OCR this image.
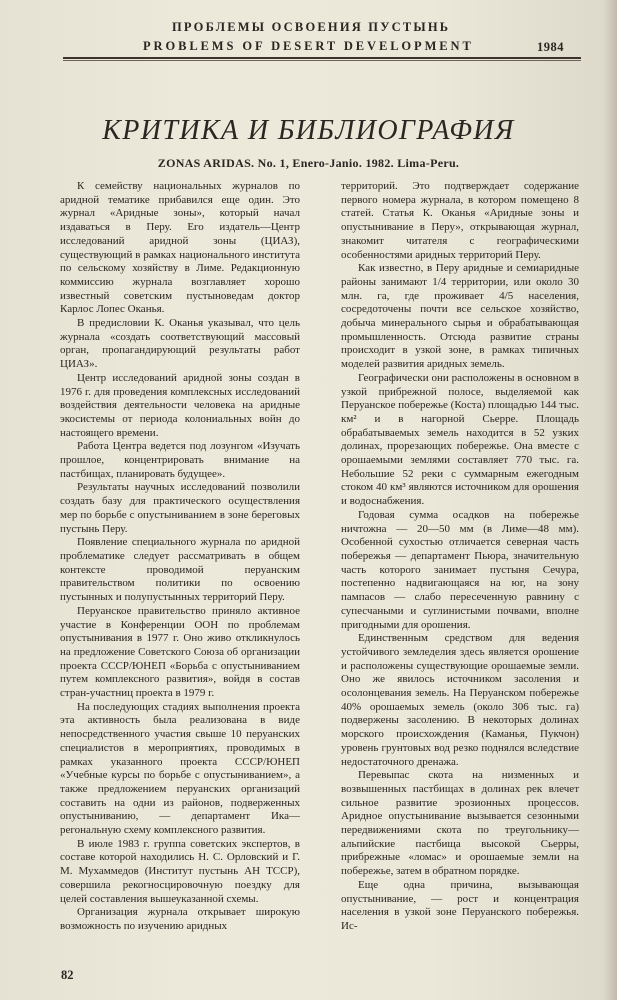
ПРОБЛЕМЫ ОСВОЕНИЯ ПУСТЫНЬ
PROBLEMS OF DESERT DEVELOPMENT	1984
КРИТИКА И БИБЛИОГРАФИЯ
ZONAS ARIDAS. No. 1, Enero-Janio. 1982. Lima-Peru.

К семейству национальных журналов по аридной тематике прибавился еще один. Это журнал «Аридные зоны», который начал издаваться в Перу. Его издатель—Центр исследований аридной зоны (ЦИАЗ), существующий в рамках национального института по сельскому хозяйству в Лиме. Редакционную коммиссию журнала возглавляет хорошо известный советским пустыноведам доктор Карлос Лопес Оканья.

В предисловии К. Оканья указывал, что цель журнала «создать соответствующий массовый орган, пропагандирующий результаты работ ЦИАЗ».

Центр исследований аридной зоны создан в 1976 г. для проведения комплексных исследований воздействия деятельности человека на аридные экосистемы от периода колониальных войн до настоящего времени.

Работа Центра ведется под лозунгом «Изучать прошлое, концентрировать внимание на пастбищах, планировать будущее».

Результаты научных исследований позволили создать базу для практического осуществления мер по борьбе с опустыниванием в зоне береговых пустынь Перу.

Появление специального журнала по аридной проблематике следует рассматривать в общем контексте проводимой перуанским правительством политики по освоению пустынных и полупустынных территорий Перу.

Перуанское правительство приняло активное участие в Конференции ООН по проблемам опустынивания в 1977 г. Оно живо откликнулось на предложение Советского Союза об организации проекта СССР/ЮНЕП «Борьба с опустыниванием путем комплексного развития», войдя в состав стран-участниц проекта в 1979 г.

На последующих стадиях выполнения проекта эта активность была реализована в виде непосредственного участия свыше 10 перуанских специалистов в мероприятиях, проводимых в рамках указанного проекта СССР/ЮНЕП «Учебные курсы по борьбе с опустыниванием», а также предложением перуанских организаций составить на одни из районов, подверженных опустыниванию, — департамент Ика—регональную схему комплексного развития.

В июле 1983 г. группа советских экспертов, в составе которой находились Н. С. Орловский и Г. М. Мухаммедов (Институт пустынь АН ТССР), совершила рекогносцировочную поездку для целей составления вышеуказанной схемы.

Организация журнала открывает широкую возможность по изучению аридных

территорий. Это подтверждает содержание первого номера журнала, в котором помещено 8 статей. Статья К. Оканья «Аридные зоны и опустынивание в Перу», открывающая журнал, знакомит читателя с географическими особенностями аридных территорий Перу.

Как известно, в Перу аридные и семиаридные районы занимают 1/4 территории, или около 30 млн. га, где проживает 4/5 населения, сосредоточены почти все сельское хозяйство, добыча минерального сырья и обрабатывающая промышленность. Отсюда развитие страны происходит в узкой зоне, в рамках типичных моделей развития аридных земель.

Географически они расположены в основном в узкой прибрежной полосе, выделяемой как Перуанское побережье (Коста) площадью 144 тыс. км² и в нагорной Сьерре. Площадь обрабатываемых земель находится в 52 узких долинах, прорезающих побережье. Она вместе с орошаемыми землями составляет 770 тыс. га. Небольшие 52 реки с суммарным ежегодным стоком 40 км³ являются источником для орошения и водоснабжения.

Годовая сумма осадков на побережье ничтожна — 20—50 мм (в Лиме—48 мм). Особенной сухостью отличается северная часть побережья — департамент Пьюра, значительную часть которого занимает пустыня Сечура, постепенно надвигающаяся на юг, на зону пампасов — слабо пересеченную равнину с супесчаными и суглинистыми почвами, вполне пригодными для орошения.

Единственным средством для ведения устойчивого земледелия здесь является орошение и расположены существующие орошаемые земли. Оно же явилось источником засоления и осолонцевания земель. На Перуанском побережье 40% орошаемых земель (около 306 тыс. га) подвержены засолению. В некоторых долинах морского происхождения (Каманья, Пукчон) уровень грунтовых вод резко поднялся вследствие недостаточного дренажа.

Перевыпас скота на низменных и возвышенных пастбищах в долинах рек влечет сильное развитие эрозионных процессов. Аридное опустынивание вызывается сезонными передвижениями скота по треугольнику—альпийские пастбища высокой Сьерры, прибрежные «ломас» и орошаемые земли на побережье, затем в обратном порядке.

Еще одна причина, вызывающая опустынивание, — рост и концентрация населения в узкой зоне Перуанского побережья. Ис-

82
